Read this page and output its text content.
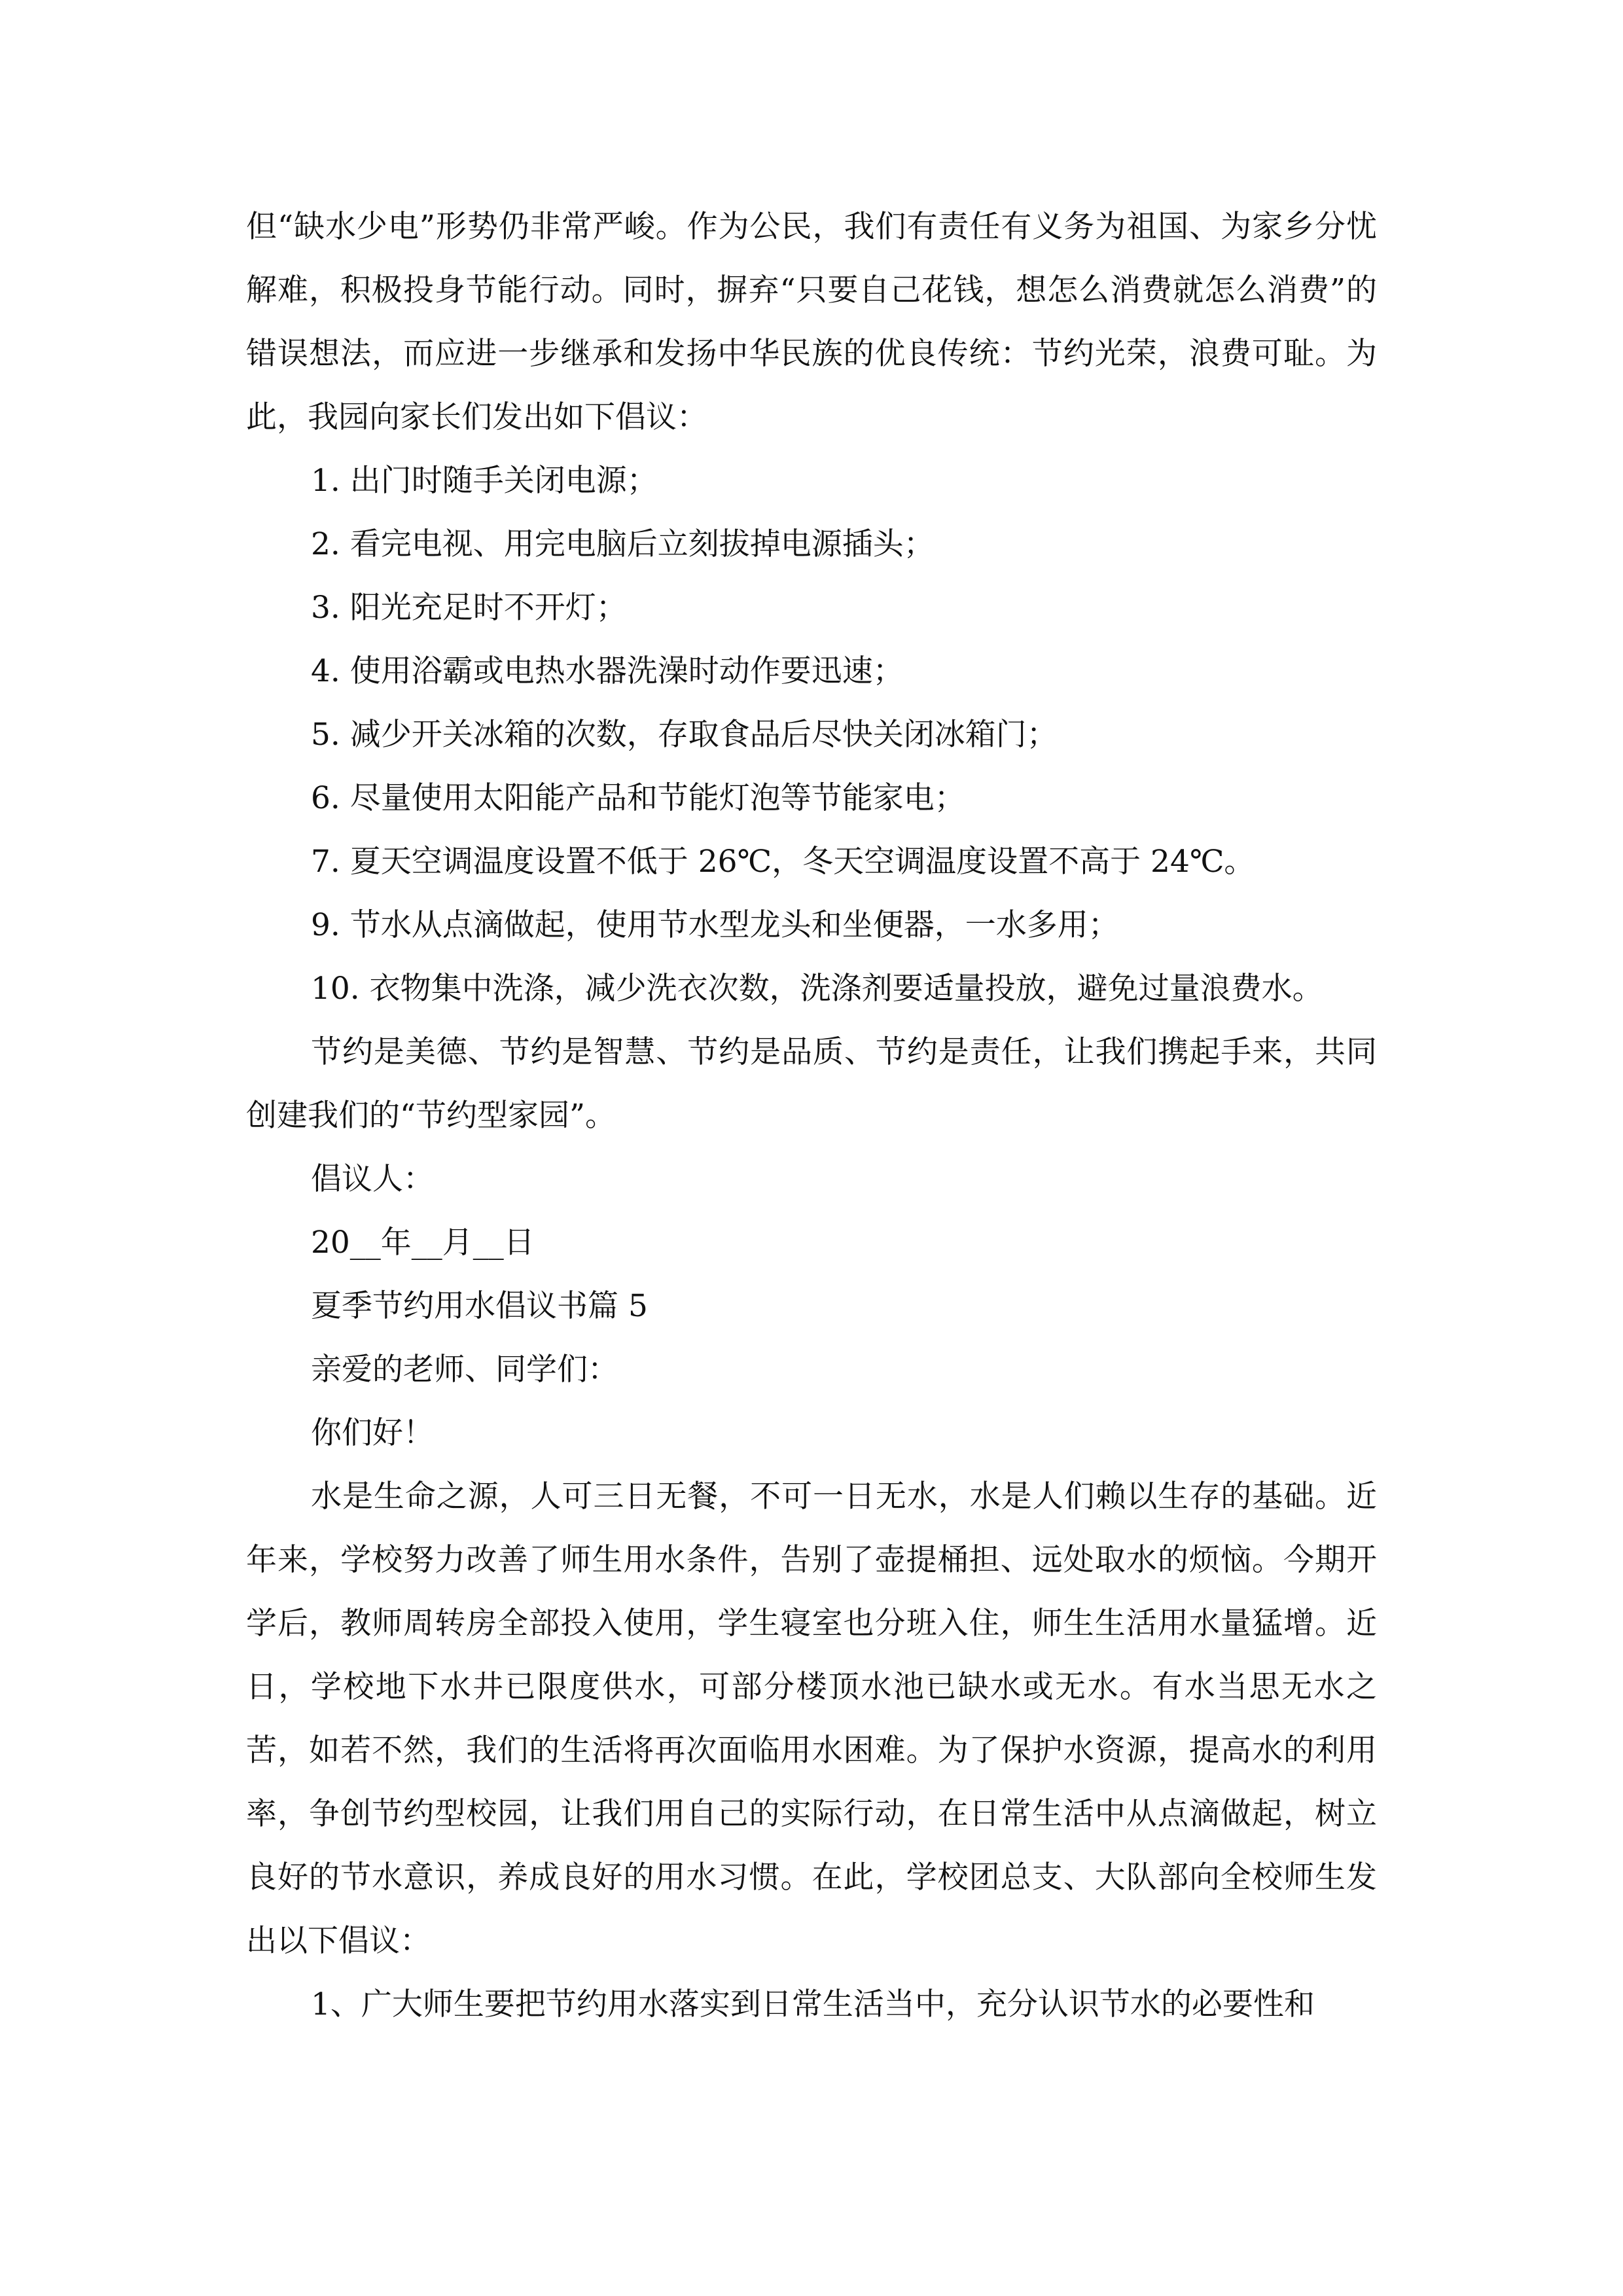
但“缺水少电”形势仍非常严峻。作为公民，我们有责任有义务为祖国、为家乡分忧解难，积极投身节能行动。同时，摒弃“只要自己花钱，想怎么消费就怎么消费”的错误想法，而应进一步继承和发扬中华民族的优良传统：节约光荣，浪费可耻。为此，我园向家长们发出如下倡议：

1. 出门时随手关闭电源；

2. 看完电视、用完电脑后立刻拔掉电源插头；

3. 阳光充足时不开灯；

4. 使用浴霸或电热水器洗澡时动作要迅速；

5. 减少开关冰箱的次数，存取食品后尽快关闭冰箱门；

6. 尽量使用太阳能产品和节能灯泡等节能家电；

7. 夏天空调温度设置不低于 26℃，冬天空调温度设置不高于 24℃。

9. 节水从点滴做起，使用节水型龙头和坐便器，一水多用；

10. 衣物集中洗涤，减少洗衣次数，洗涤剂要适量投放，避免过量浪费水。

节约是美德、节约是智慧、节约是品质、节约是责任，让我们携起手来，共同创建我们的“节约型家园”。

倡议人：

20__年__月__日

夏季节约用水倡议书篇 5

亲爱的老师、同学们：

你们好！

水是生命之源，人可三日无餐，不可一日无水，水是人们赖以生存的基础。近年来，学校努力改善了师生用水条件，告别了壶提桶担、远处取水的烦恼。今期开学后，教师周转房全部投入使用，学生寝室也分班入住，师生生活用水量猛增。近日，学校地下水井已限度供水，可部分楼顶水池已缺水或无水。有水当思无水之苦，如若不然，我们的生活将再次面临用水困难。为了保护水资源，提高水的利用率，争创节约型校园，让我们用自己的实际行动，在日常生活中从点滴做起，树立良好的节水意识，养成良好的用水习惯。在此，学校团总支、大队部向全校师生发出以下倡议：

1、广大师生要把节约用水落实到日常生活当中，充分认识节水的必要性和
